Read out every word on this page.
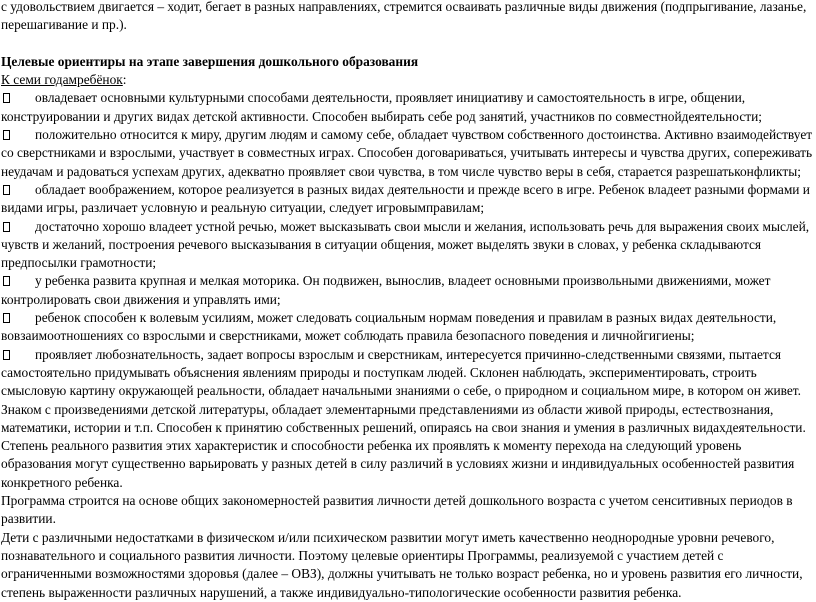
с удовольствием двигается – ходит, бегает в разных направлениях, стремится осваивать различные виды движения (подпрыгивание, лазанье, перешагивание и пр.).

Целевые ориентиры на этапе завершения дошкольного образования

К семи годамребёнок:

овладевает основными культурными способами деятельности, проявляет инициативу и самостоятельность в игре, общении, конструировании и других видах детской активности. Способен выбирать себе род занятий, участников по совместнойдеятельности;

положительно относится к миру, другим людям и самому себе, обладает чувством собственного достоинства. Активно взаимодействует со сверстниками и взрослыми, участвует в совместных играх. Способен договариваться, учитывать интересы и чувства других, сопереживать неудачам и радоваться успехам других, адекватно проявляет свои чувства, в том числе чувство веры в себя, старается разрешатьконфликты;

обладает воображением, которое реализуется в разных видах деятельности и прежде всего в игре. Ребенок владеет разными формами и видами игры, различает условную и реальную ситуации, следует игровымправилам;

достаточно хорошо владеет устной речью, может высказывать свои мысли и желания, использовать речь для выражения своих мыслей, чувств и желаний, построения речевого высказывания в ситуации общения, может выделять звуки в словах, у ребенка складываются предпосылки грамотности;

у ребенка развита крупная и мелкая моторика. Он подвижен, вынослив, владеет основными произвольными движениями, может контролировать свои движения и управлять ими;

ребенок способен к волевым усилиям, может следовать социальным нормам поведения и правилам в разных видах деятельности, вовзаимоотношениях со взрослыми и сверстниками, может соблюдать правила безопасного поведения и личнойгигиены;

проявляет любознательность, задает вопросы взрослым и сверстникам, интересуется причинно-следственными связями, пытается самостоятельно придумывать объяснения явлениям природы и поступкам людей. Склонен наблюдать, экспериментировать, строить смысловую картину окружающей реальности, обладает начальными знаниями о себе, о природном и социальном мире, в котором он живет. Знаком с произведениями детской литературы, обладает элементарными представлениями из области живой природы, естествознания, математики, истории и т.п. Способен к принятию собственных решений, опираясь на свои знания и умения в различных видахдеятельности.

Степень реального развития этих характеристик и способности ребенка их проявлять к моменту перехода на следующий уровень образования могут существенно варьировать у разных детей в силу различий в условиях жизни и индивидуальных особенностей развития конкретного ребенка.

Программа строится на основе общих закономерностей развития личности детей дошкольного возраста с учетом сенситивных периодов в развитии.

Дети с различными недостатками в физическом и/или психическом развитии могут иметь качественно неоднородные уровни речевого, познавательного и социального развития личности. Поэтому целевые ориентиры Программы, реализуемой с участием детей с ограниченными возможностями здоровья (далее – ОВЗ), должны учитывать не только возраст ребенка, но и уровень развития его личности, степень выраженности различных нарушений, а также индивидуально-типологические особенности развития ребенка.
